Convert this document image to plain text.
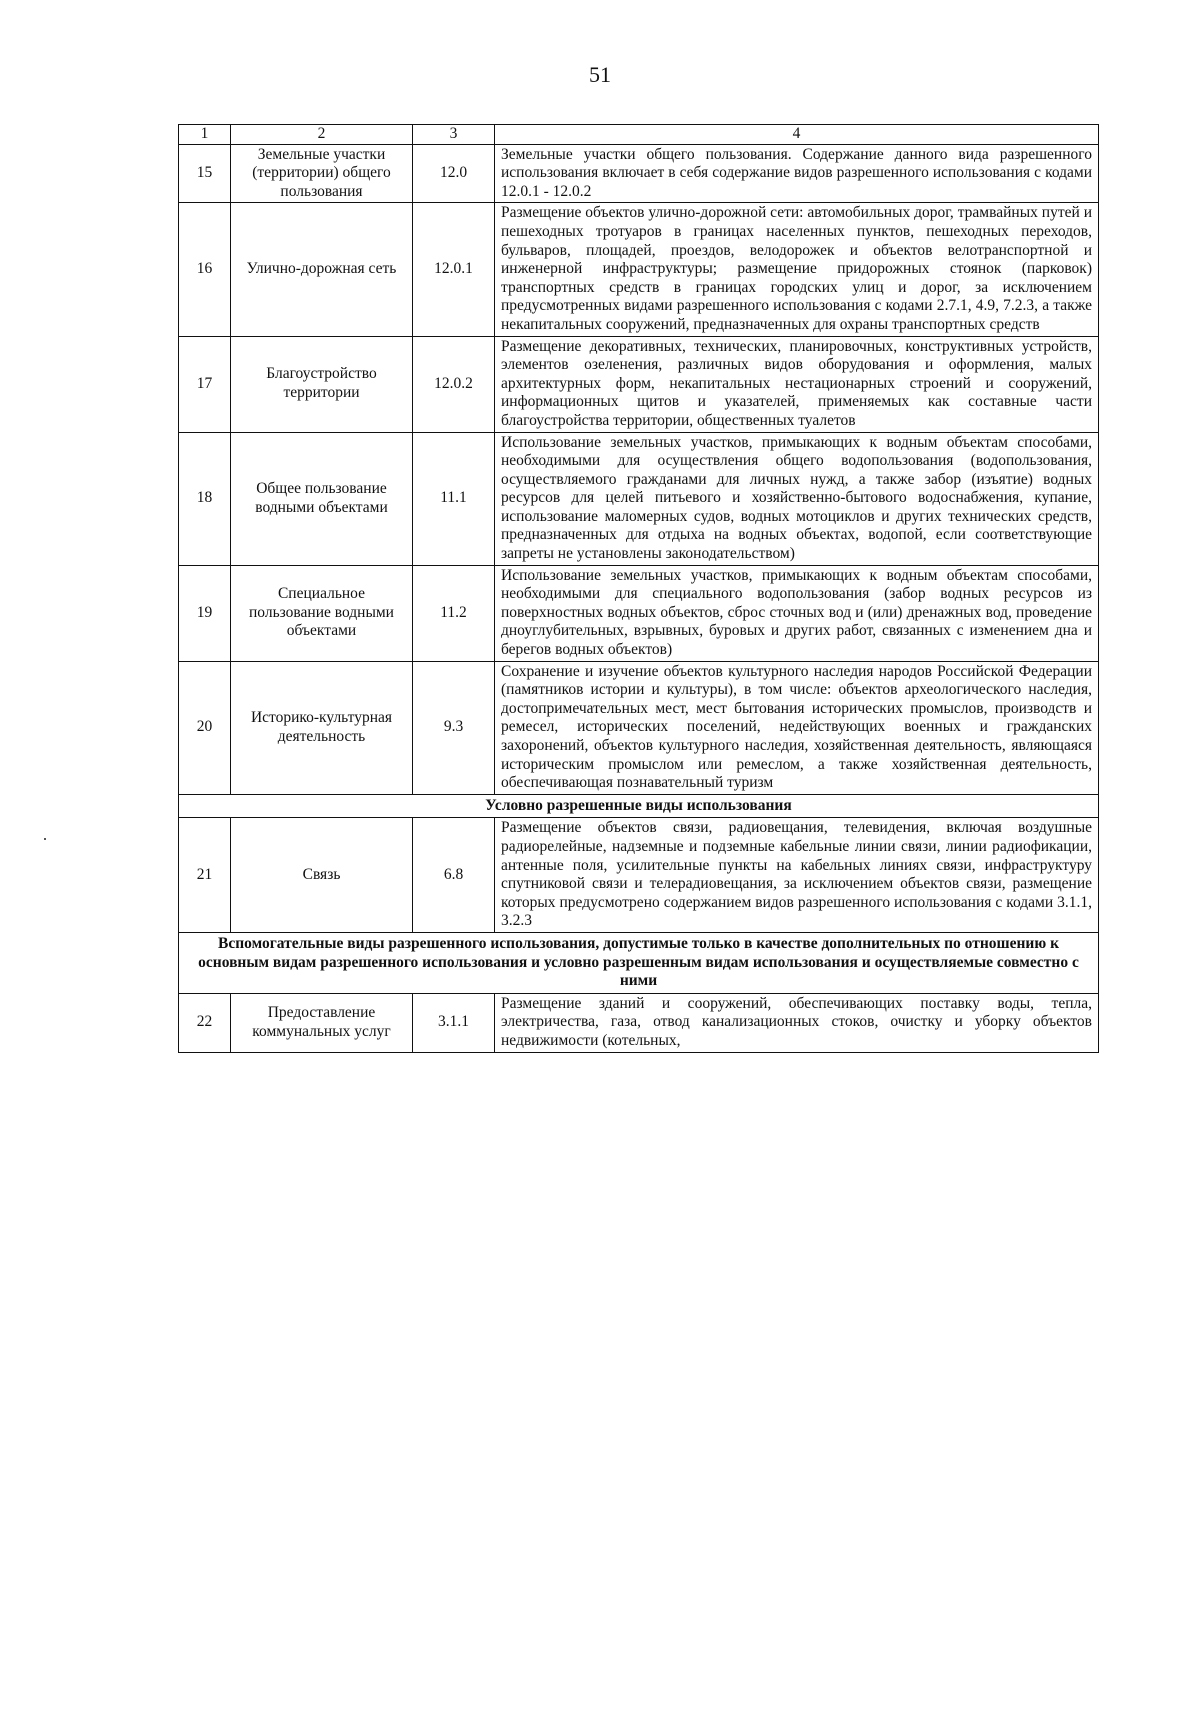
51
1	2	3	4
15	Земельные участки (территории) общего пользования	12.0	Земельные участки общего пользования. Содержание данного вида разрешенного использования включает в себя содержание видов разрешенного использования с кодами 12.0.1 - 12.0.2
16	Улично-дорожная сеть	12.0.1	Размещение объектов улично-дорожной сети: автомобильных дорог, трамвайных путей и пешеходных тротуаров в границах населенных пунктов, пешеходных переходов, бульваров, площадей, проездов, велодорожек и объектов велотранспортной и инженерной инфраструктуры; размещение придорожных стоянок (парковок) транспортных средств в границах городских улиц и дорог, за исключением предусмотренных видами разрешенного использования с кодами 2.7.1, 4.9, 7.2.3, а также некапитальных сооружений, предназначенных для охраны транспортных средств
17	Благоустройство территории	12.0.2	Размещение декоративных, технических, планировочных, конструктивных устройств, элементов озеленения, различных видов оборудования и оформления, малых архитектурных форм, некапитальных нестационарных строений и сооружений, информационных щитов и указателей, применяемых как составные части благоустройства территории, общественных туалетов
18	Общее пользование водными объектами	11.1	Использование земельных участков, примыкающих к водным объектам способами, необходимыми для осуществления общего водопользования (водопользования, осуществляемого гражданами для личных нужд, а также забор (изъятие) водных ресурсов для целей питьевого и хозяйственно-бытового водоснабжения, купание, использование маломерных судов, водных мотоциклов и других технических средств, предназначенных для отдыха на водных объектах, водопой, если соответствующие запреты не установлены законодательством)
19	Специальное пользование водными объектами	11.2	Использование земельных участков, примыкающих к водным объектам способами, необходимыми для специального водопользования (забор водных ресурсов из поверхностных водных объектов, сброс сточных вод и (или) дренажных вод, проведение дноуглубительных, взрывных, буровых и других работ, связанных с изменением дна и берегов водных объектов)
20	Историко-культурная деятельность	9.3	Сохранение и изучение объектов культурного наследия народов Российской Федерации (памятников истории и культуры), в том числе: объектов археологического наследия, достопримечательных мест, мест бытования исторических промыслов, производств и ремесел, исторических поселений, недействующих военных и гражданских захоронений, объектов культурного наследия, хозяйственная деятельность, являющаяся историческим промыслом или ремеслом, а также хозяйственная деятельность, обеспечивающая познавательный туризм
Условно разрешенные виды использования			
21	Связь	6.8	Размещение объектов связи, радиовещания, телевидения, включая воздушные радиорелейные, надземные и подземные кабельные линии связи, линии радиофикации, антенные поля, усилительные пункты на кабельных линиях связи, инфраструктуру спутниковой связи и телерадиовещания, за исключением объектов связи, размещение которых предусмотрено содержанием видов разрешенного использования с кодами 3.1.1, 3.2.3
Вспомогательные виды разрешенного использования, допустимые только в качестве дополнительных по отношению к основным видам разрешенного использования и условно разрешенным видам использования и осуществляемые совместно с ними			
22	Предоставление коммунальных услуг	3.1.1	Размещение зданий и сооружений, обеспечивающих поставку воды, тепла, электричества, газа, отвод канализационных стоков, очистку и уборку объектов недвижимости (котельных,
